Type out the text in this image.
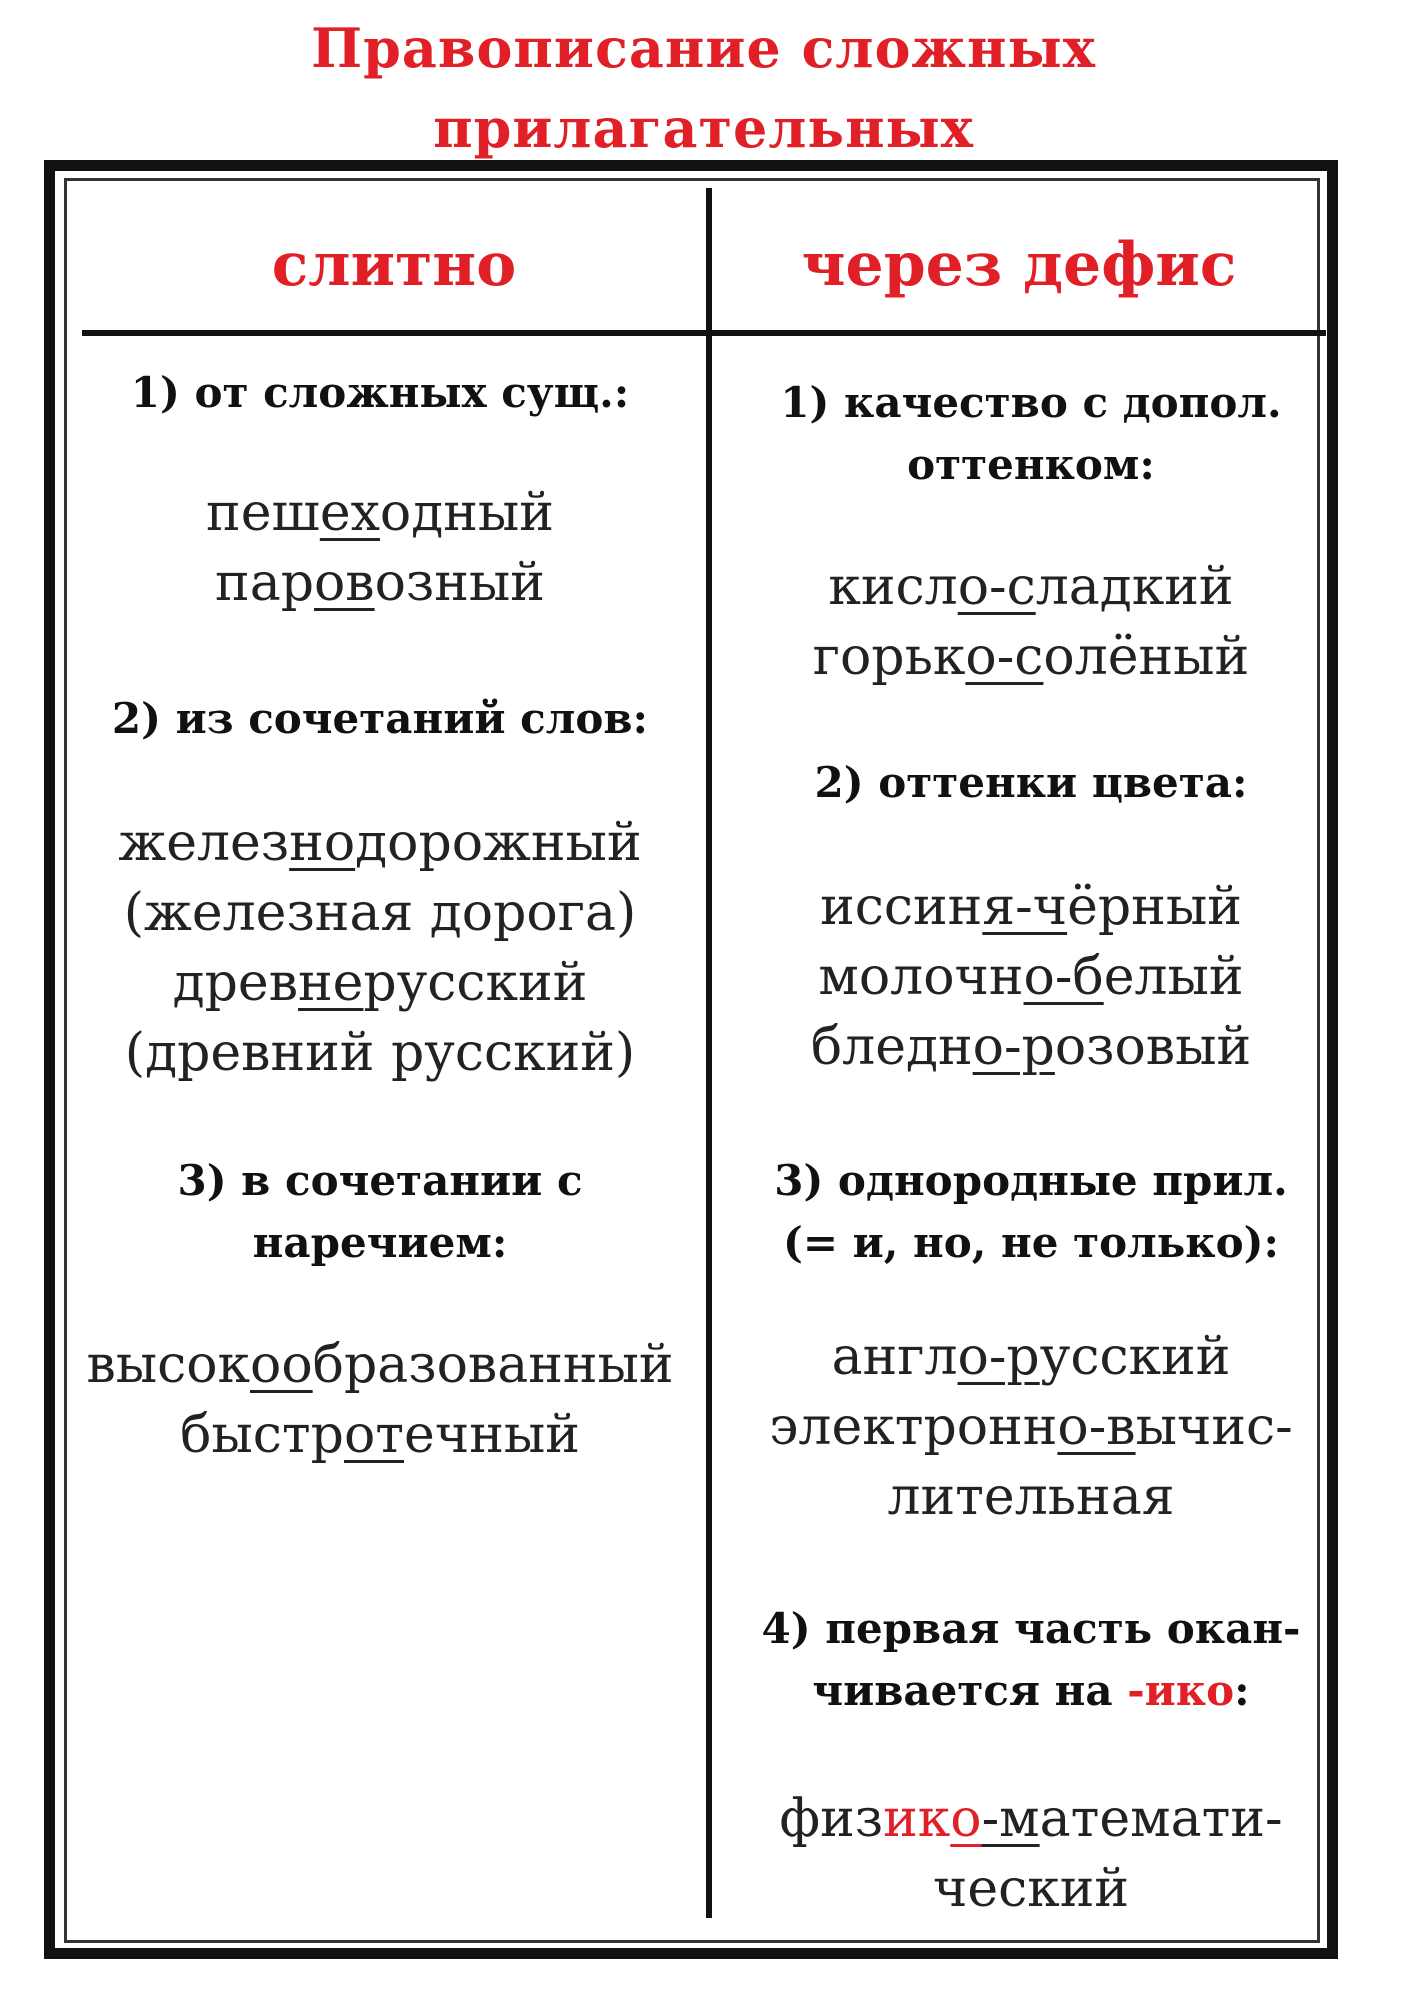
Правописание сложных
прилагательных
слитно	через дефис
1) от сложных сущ.:
пешеходный
паровозный
2) из сочетаний слов:
железнодорожный
(железная дорога)
древнерусский
(древний русский)
3) в сочетании с
наречием:
высокообразованный
быстротечный
1) качество с допол.
оттенком:
кисло-сладкий
горько-солёный
2) оттенки цвета:
иссиня-чёрный
молочно-белый
бледно-розовый
3) однородные прил.
(= и, но, не только):
англо-русский
электронно-вычис-
лительная
4) первая часть окан-
чивается на -ико:
физико-математи-
ческий
